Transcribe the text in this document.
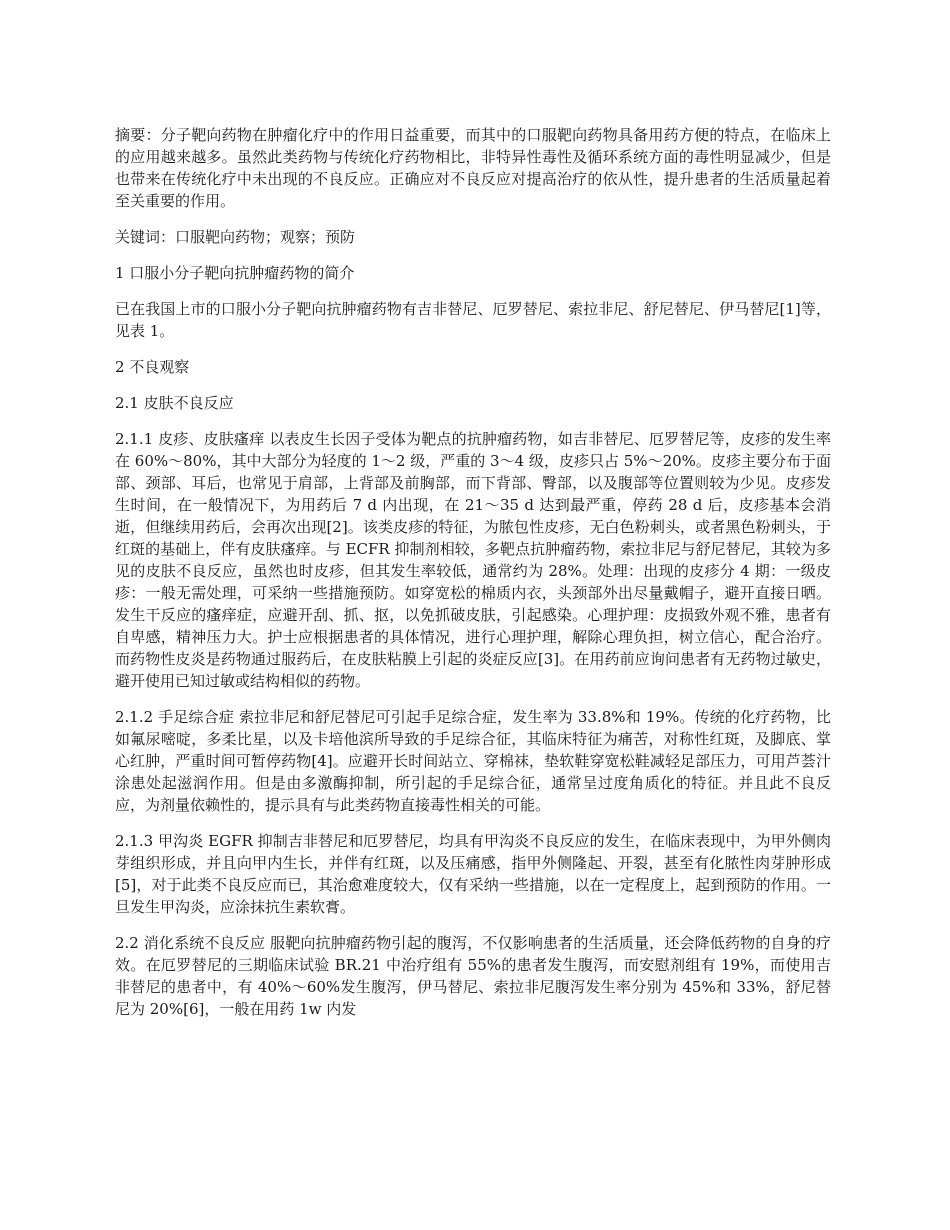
摘要：分子靶向药物在肿瘤化疗中的作用日益重要，而其中的口服靶向药物具备用药方便的特点，在临床上的应用越来越多。虽然此类药物与传统化疗药物相比，非特异性毒性及循环系统方面的毒性明显减少，但是也带来在传统化疗中未出现的不良反应。正确应对不良反应对提高治疗的依从性，提升患者的生活质量起着至关重要的作用。

关键词：口服靶向药物；观察；预防

1 口服小分子靶向抗肿瘤药物的简介

已在我国上市的口服小分子靶向抗肿瘤药物有吉非替尼、厄罗替尼、索拉非尼、舒尼替尼、伊马替尼[1]等，见表 1。

2 不良观察

2.1 皮肤不良反应

2.1.1 皮疹、皮肤瘙痒 以表皮生长因子受体为靶点的抗肿瘤药物，如吉非替尼、厄罗替尼等，皮疹的发生率在 60%～80%，其中大部分为轻度的 1～2 级，严重的 3～4 级，皮疹只占 5%～20%。皮疹主要分布于面部、颈部、耳后，也常见于肩部，上背部及前胸部，而下背部、臀部，以及腹部等位置则较为少见。皮疹发生时间，在一般情况下，为用药后 7 d 内出现，在 21～35 d 达到最严重，停药 28 d 后，皮疹基本会消逝，但继续用药后，会再次出现[2]。该类皮疹的特征，为脓包性皮疹，无白色粉刺头，或者黑色粉刺头，于红斑的基础上，伴有皮肤瘙痒。与 ECFR 抑制剂相较，多靶点抗肿瘤药物，索拉非尼与舒尼替尼，其较为多见的皮肤不良反应，虽然也时皮疹，但其发生率较低，通常约为 28%。处理：出现的皮疹分 4 期：一级皮疹：一般无需处理，可采纳一些措施预防。如穿宽松的棉质内衣，头颈部外出尽量戴帽子，避开直接日晒。发生干反应的瘙痒症，应避开刮、抓、抠，以免抓破皮肤，引起感染。心理护理：皮损致外观不雅，患者有自卑感，精神压力大。护士应根据患者的具体情况，进行心理护理，解除心理负担，树立信心，配合治疗。而药物性皮炎是药物通过服药后，在皮肤粘膜上引起的炎症反应[3]。在用药前应询问患者有无药物过敏史，避开使用已知过敏或结构相似的药物。

2.1.2 手足综合症 索拉非尼和舒尼替尼可引起手足综合症，发生率为 33.8%和 19%。传统的化疗药物，比如氟尿嘧啶，多柔比星，以及卡培他滨所导致的手足综合征，其临床特征为痛苦，对称性红斑，及脚底、掌心红肿，严重时间可暂停药物[4]。应避开长时间站立、穿棉袜，垫软鞋穿宽松鞋减轻足部压力，可用芦荟汁涂患处起滋润作用。但是由多激酶抑制，所引起的手足综合征，通常呈过度角质化的特征。并且此不良反应，为剂量依赖性的，提示具有与此类药物直接毒性相关的可能。

2.1.3 甲沟炎 EGFR 抑制吉非替尼和厄罗替尼，均具有甲沟炎不良反应的发生，在临床表现中，为甲外侧肉芽组织形成，并且向甲内生长，并伴有红斑，以及压痛感，指甲外侧隆起、开裂，甚至有化脓性肉芽肿形成[5]，对于此类不良反应而已，其治愈难度较大，仅有采纳一些措施，以在一定程度上，起到预防的作用。一旦发生甲沟炎，应涂抹抗生素软膏。

2.2 消化系统不良反应 服靶向抗肿瘤药物引起的腹泻，不仅影响患者的生活质量，还会降低药物的自身的疗效。在厄罗替尼的三期临床试验 BR.21 中治疗组有 55%的患者发生腹泻，而安慰剂组有 19%，而使用吉非替尼的患者中，有 40%～60%发生腹泻，伊马替尼、索拉非尼腹泻发生率分别为 45%和 33%，舒尼替尼为 20%[6]，一般在用药 1w 内发
